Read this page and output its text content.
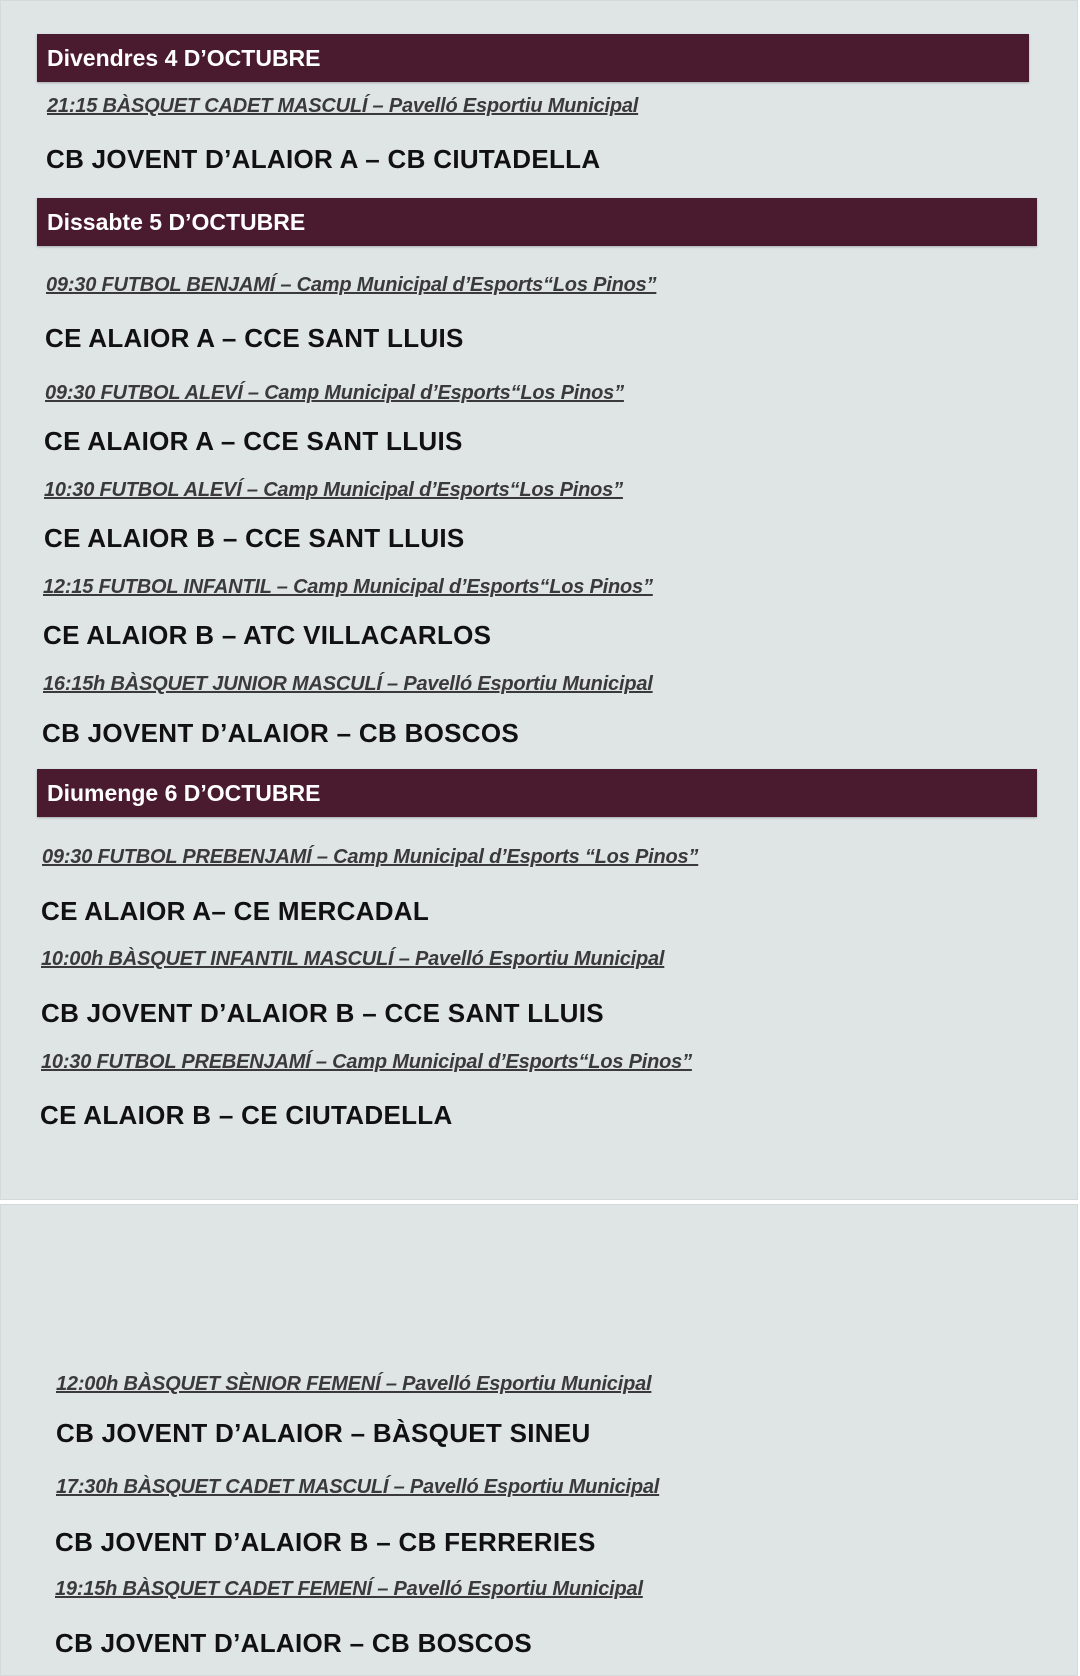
Divendres 4 D’OCTUBRE
21:15 BÀSQUET CADET MASCULÍ – Pavelló Esportiu Municipal
CB JOVENT D’ALAIOR A – CB CIUTADELLA
Dissabte 5 D’OCTUBRE
09:30 FUTBOL BENJAMÍ – Camp Municipal d’Esports“Los Pinos”
CE ALAIOR A – CCE SANT LLUIS
09:30 FUTBOL ALEVÍ – Camp Municipal d’Esports“Los Pinos”
CE ALAIOR A – CCE SANT LLUIS
10:30 FUTBOL ALEVÍ – Camp Municipal d’Esports“Los Pinos”
CE ALAIOR B – CCE SANT LLUIS
12:15 FUTBOL INFANTIL – Camp Municipal d’Esports“Los Pinos”
CE ALAIOR B – ATC VILLACARLOS
16:15h BÀSQUET JUNIOR MASCULÍ – Pavelló Esportiu Municipal
CB JOVENT D’ALAIOR – CB BOSCOS
Diumenge 6 D’OCTUBRE
09:30 FUTBOL PREBENJAMÍ – Camp Municipal d’Esports “Los Pinos”
CE ALAIOR A– CE MERCADAL
10:00h BÀSQUET INFANTIL MASCULÍ – Pavelló Esportiu Municipal
CB JOVENT D’ALAIOR B – CCE SANT LLUIS
10:30 FUTBOL PREBENJAMÍ – Camp Municipal d’Esports“Los Pinos”
CE ALAIOR B – CE CIUTADELLA
12:00h BÀSQUET SÈNIOR FEMENÍ – Pavelló Esportiu Municipal
CB JOVENT D’ALAIOR – BÀSQUET SINEU
17:30h BÀSQUET CADET MASCULÍ – Pavelló Esportiu Municipal
CB JOVENT D’ALAIOR B – CB FERRERIES
19:15h BÀSQUET CADET FEMENÍ – Pavelló Esportiu Municipal
CB JOVENT D’ALAIOR – CB BOSCOS
